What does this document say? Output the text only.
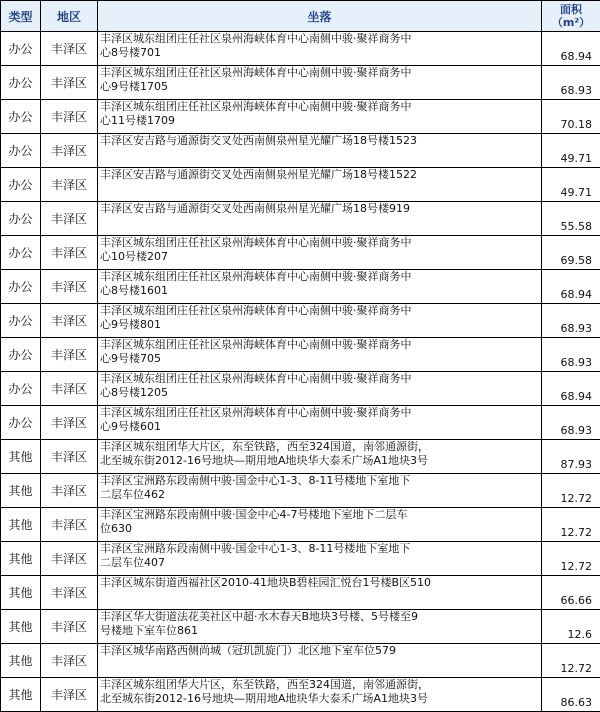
类型	地区	坐落	面积
（m²）
办公	丰泽区	丰泽区城东组团庄任社区泉州海峡体育中心南侧中骏·聚祥商务中
心8号楼701	68.94
办公	丰泽区	丰泽区城东组团庄任社区泉州海峡体育中心南侧中骏·聚祥商务中
心9号楼1705	68.93
办公	丰泽区	丰泽区城东组团庄任社区泉州海峡体育中心南侧中骏·聚祥商务中
心11号楼1709	70.18
办公	丰泽区	丰泽区安吉路与通源街交叉处西南侧泉州星光耀广场18号楼1523	49.71
办公	丰泽区	丰泽区安吉路与通源街交叉处西南侧泉州星光耀广场18号楼1522	49.71
办公	丰泽区	丰泽区安吉路与通源街交叉处西南侧泉州星光耀广场18号楼919	55.58
办公	丰泽区	丰泽区城东组团庄任社区泉州海峡体育中心南侧中骏·聚祥商务中
心10号楼207	69.58
办公	丰泽区	丰泽区城东组团庄任社区泉州海峡体育中心南侧中骏·聚祥商务中
心8号楼1601	68.94
办公	丰泽区	丰泽区城东组团庄任社区泉州海峡体育中心南侧中骏·聚祥商务中
心9号楼801	68.93
办公	丰泽区	丰泽区城东组团庄任社区泉州海峡体育中心南侧中骏·聚祥商务中
心9号楼705	68.93
办公	丰泽区	丰泽区城东组团庄任社区泉州海峡体育中心南侧中骏·聚祥商务中
心8号楼1205	68.94
办公	丰泽区	丰泽区城东组团庄任社区泉州海峡体育中心南侧中骏·聚祥商务中
心9号楼601	68.93
其他	丰泽区	丰泽区城东组团华大片区，东至铁路，西至324国道，南邻通源街，
北至城东街2012-16号地块—期用地A地块华大泰禾广场A1地块3号	87.93
其他	丰泽区	丰泽区宝洲路东段南侧中骏·国金中心1-3、8-11号楼地下室地下
二层车位462	12.72
其他	丰泽区	丰泽区宝洲路东段南侧中骏·国金中心4-7号楼地下室地下二层车
位630	12.72
其他	丰泽区	丰泽区宝洲路东段南侧中骏·国金中心1-3、8-11号楼地下室地下
二层车位407	12.72
其他	丰泽区	丰泽区城东街道西福社区2010-41地块B碧桂园汇悦台1号楼B区510	66.66
其他	丰泽区	丰泽区华大街道法花美社区中超·水木春天B地块3号楼、5号楼至9
号楼地下室车位861	12.6
其他	丰泽区	丰泽区城华南路西侧尚城（冠玑凯旋门）北区地下室车位579	12.72
其他	丰泽区	丰泽区城东组团华大片区，东至铁路，西至324国道，南邻通源街，
北至城东街2012-16号地块—期用地A地块华大泰禾广场A1地块3号	86.63
